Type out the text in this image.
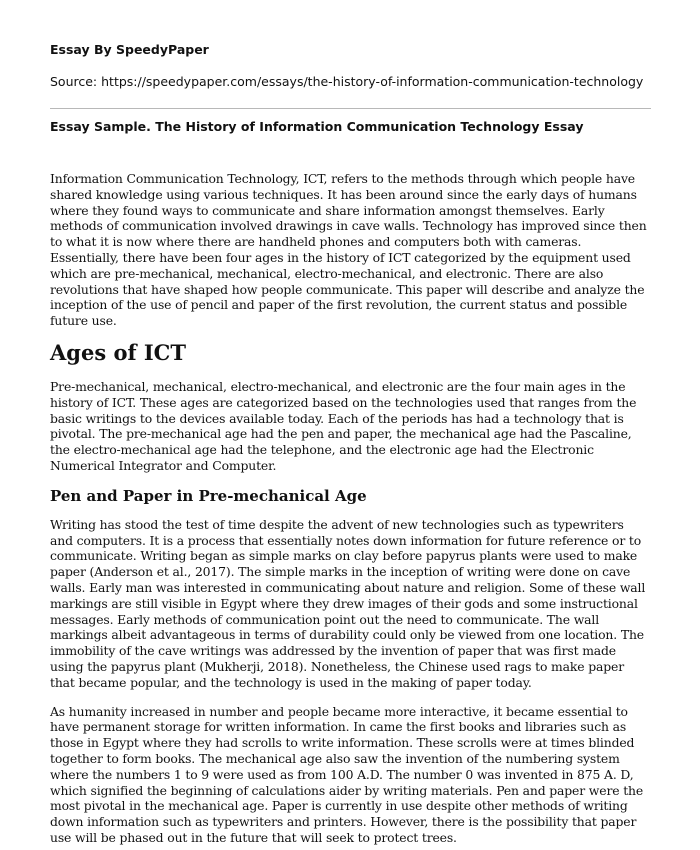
Essay By SpeedyPaper

Source: https://speedypaper.com/essays/the-history-of-information-communication-technology

Essay Sample. The History of Information Communication Technology Essay

Information Communication Technology, ICT, refers to the methods through which people have shared knowledge using various techniques. It has been around since the early days of humans where they found ways to communicate and share information amongst themselves. Early methods of communication involved drawings in cave walls. Technology has improved since then to what it is now where there are handheld phones and computers both with cameras. Essentially, there have been four ages in the history of ICT categorized by the equipment used which are pre-mechanical, mechanical, electro-mechanical, and electronic. There are also revolutions that have shaped how people communicate. This paper will describe and analyze the inception of the use of pencil and paper of the first revolution, the current status and possible future use.

Ages of ICT

Pre-mechanical, mechanical, electro-mechanical, and electronic are the four main ages in the history of ICT. These ages are categorized based on the technologies used that ranges from the basic writings to the devices available today. Each of the periods has had a technology that is pivotal. The pre-mechanical age had the pen and paper, the mechanical age had the Pascaline, the electro-mechanical age had the telephone, and the electronic age had the Electronic Numerical Integrator and Computer.

Pen and Paper in Pre-mechanical Age

Writing has stood the test of time despite the advent of new technologies such as typewriters and computers. It is a process that essentially notes down information for future reference or to communicate. Writing began as simple marks on clay before papyrus plants were used to make paper (Anderson et al., 2017). The simple marks in the inception of writing were done on cave walls. Early man was interested in communicating about nature and religion. Some of these wall markings are still visible in Egypt where they drew images of their gods and some instructional messages. Early methods of communication point out the need to communicate. The wall markings albeit advantageous in terms of durability could only be viewed from one location. The immobility of the cave writings was addressed by the invention of paper that was first made using the papyrus plant (Mukherji, 2018). Nonetheless, the Chinese used rags to make paper that became popular, and the technology is used in the making of paper today.

As humanity increased in number and people became more interactive, it became essential to have permanent storage for written information. In came the first books and libraries such as those in Egypt where they had scrolls to write information. These scrolls were at times blinded together to form books. The mechanical age also saw the invention of the numbering system where the numbers 1 to 9 were used as from 100 A.D. The number 0 was invented in 875 A. D, which signified the beginning of calculations aider by writing materials. Pen and paper were the most pivotal in the mechanical age. Paper is currently in use despite other methods of writing down information such as typewriters and printers. However, there is the possibility that paper use will be phased out in the future that will seek to protect trees.
